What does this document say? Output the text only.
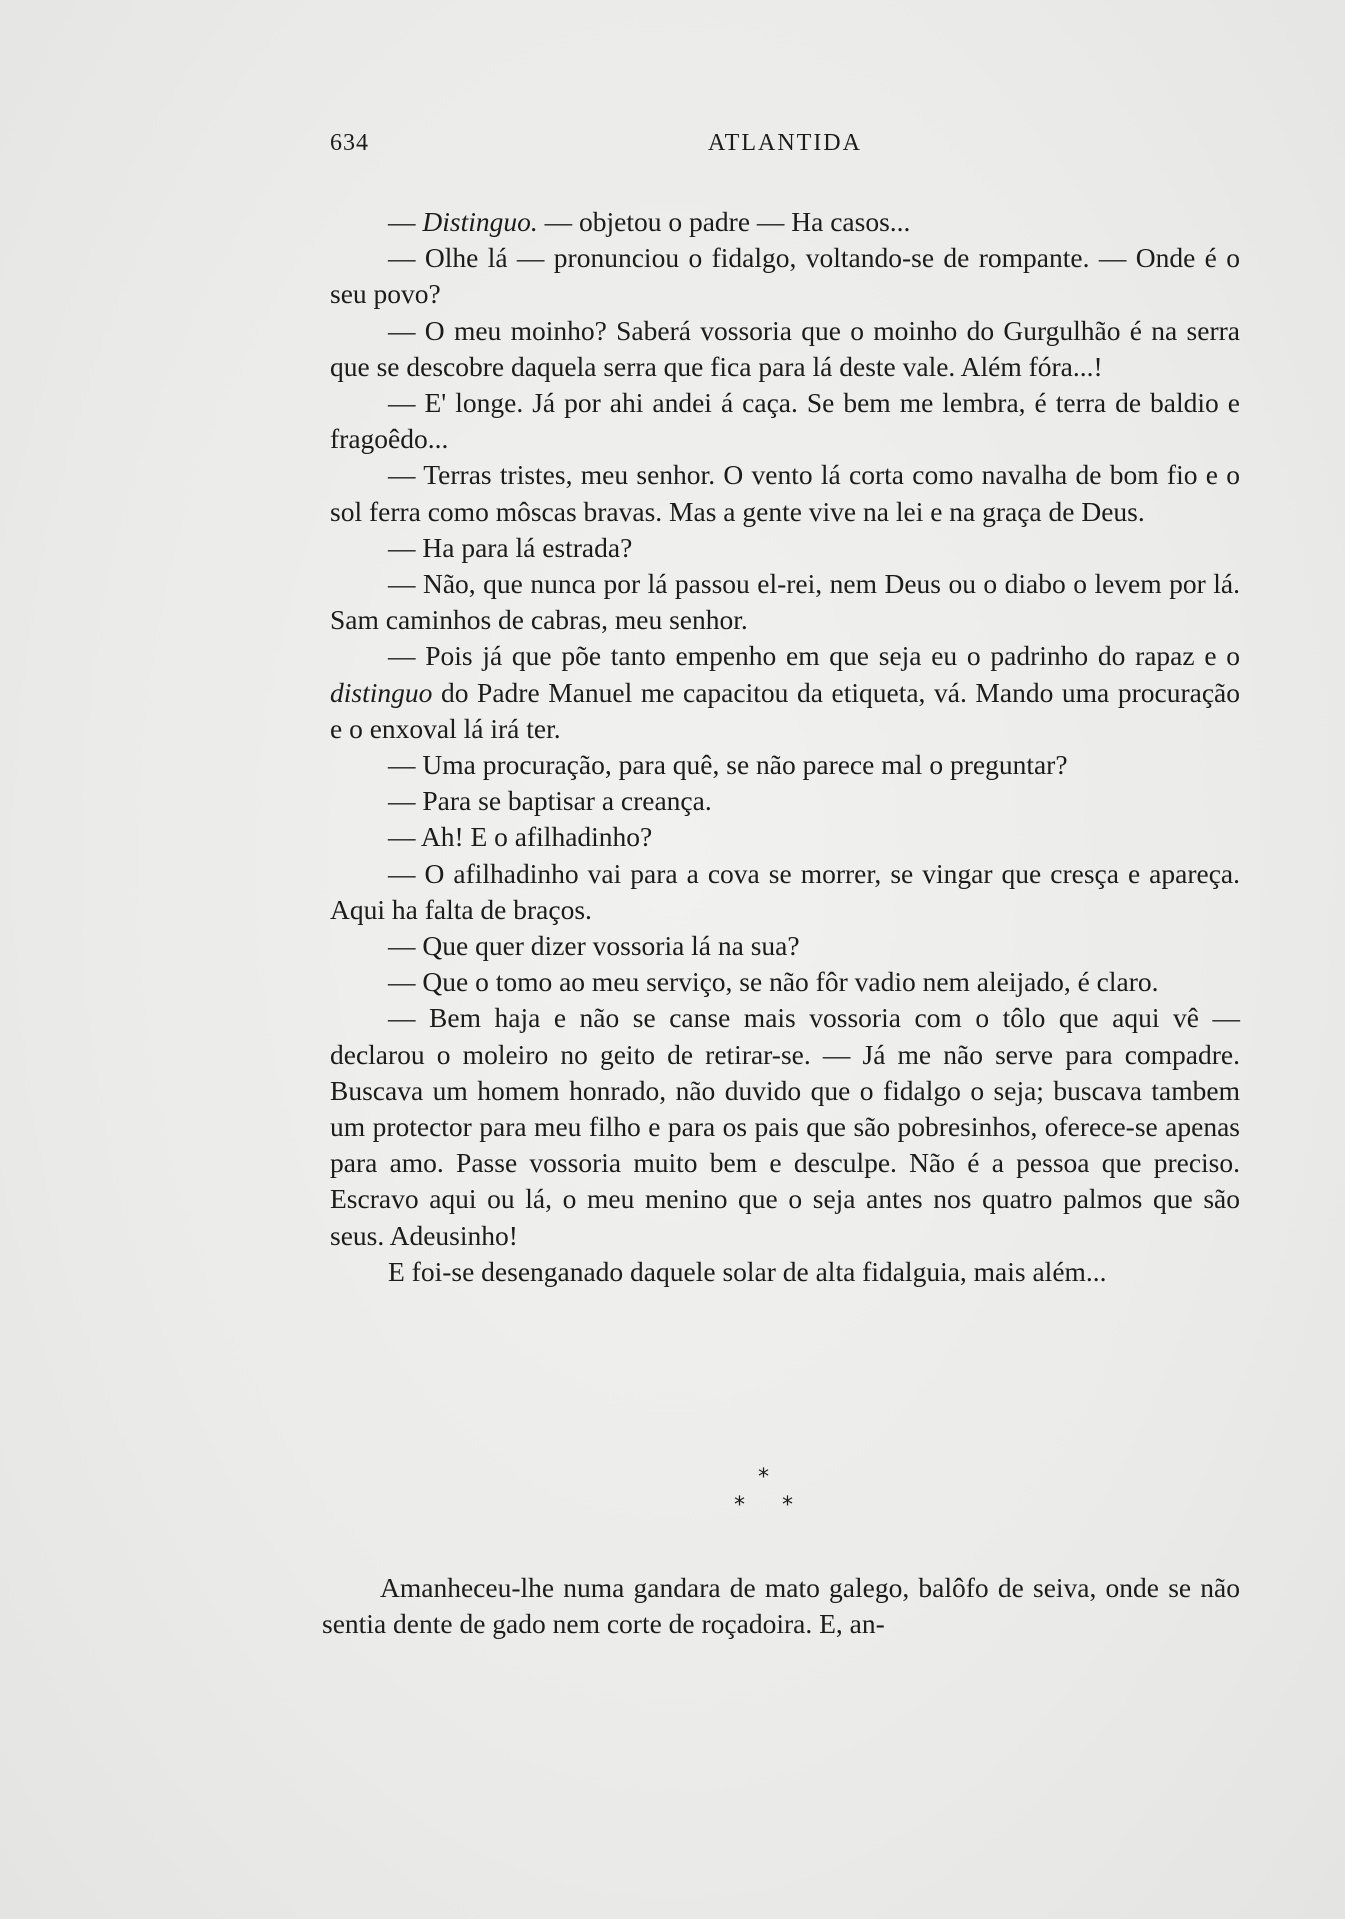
634	ATLANTIDA

— Distinguo. — objetou o padre — Ha casos...

— Olhe lá — pronunciou o fidalgo, voltando-se de rompante. — Onde é o seu povo?

— O meu moinho? Saberá vossoria que o moinho do Gurgulhão é na serra que se descobre daquela serra que fica para lá deste vale. Além fóra...!

— E' longe. Já por ahi andei á caça. Se bem me lembra, é terra de baldio e fragoêdo...

— Terras tristes, meu senhor. O vento lá corta como navalha de bom fio e o sol ferra como môscas bravas. Mas a gente vive na lei e na graça de Deus.

— Ha para lá estrada?

— Não, que nunca por lá passou el-rei, nem Deus ou o diabo o levem por lá. Sam caminhos de cabras, meu senhor.

— Pois já que põe tanto empenho em que seja eu o padrinho do rapaz e o distinguo do Padre Manuel me capacitou da etiqueta, vá. Mando uma procuração e o enxoval lá irá ter.

— Uma procuração, para quê, se não parece mal o preguntar?

— Para se baptisar a creança.

— Ah! E o afilhadinho?

— O afilhadinho vai para a cova se morrer, se vingar que cresça e apareça. Aqui ha falta de braços.

— Que quer dizer vossoria lá na sua?

— Que o tomo ao meu serviço, se não fôr vadio nem aleijado, é claro.

— Bem haja e não se canse mais vossoria com o tôlo que aqui vê — declarou o moleiro no geito de retirar-se. — Já me não serve para compadre. Buscava um homem honrado, não duvido que o fidalgo o seja; buscava tambem um protector para meu filho e para os pais que são pobresinhos, oferece-se apenas para amo. Passe vossoria muito bem e desculpe. Não é a pessoa que preciso. Escravo aqui ou lá, o meu menino que o seja antes nos quatro palmos que são seus. Adeusinho!

E foi-se desenganado daquele solar de alta fidalguia, mais além...

*
* *

Amanheceu-lhe numa gandara de mato galego, balôfo de seiva, onde se não sentia dente de gado nem corte de roçadoira. E, an-
